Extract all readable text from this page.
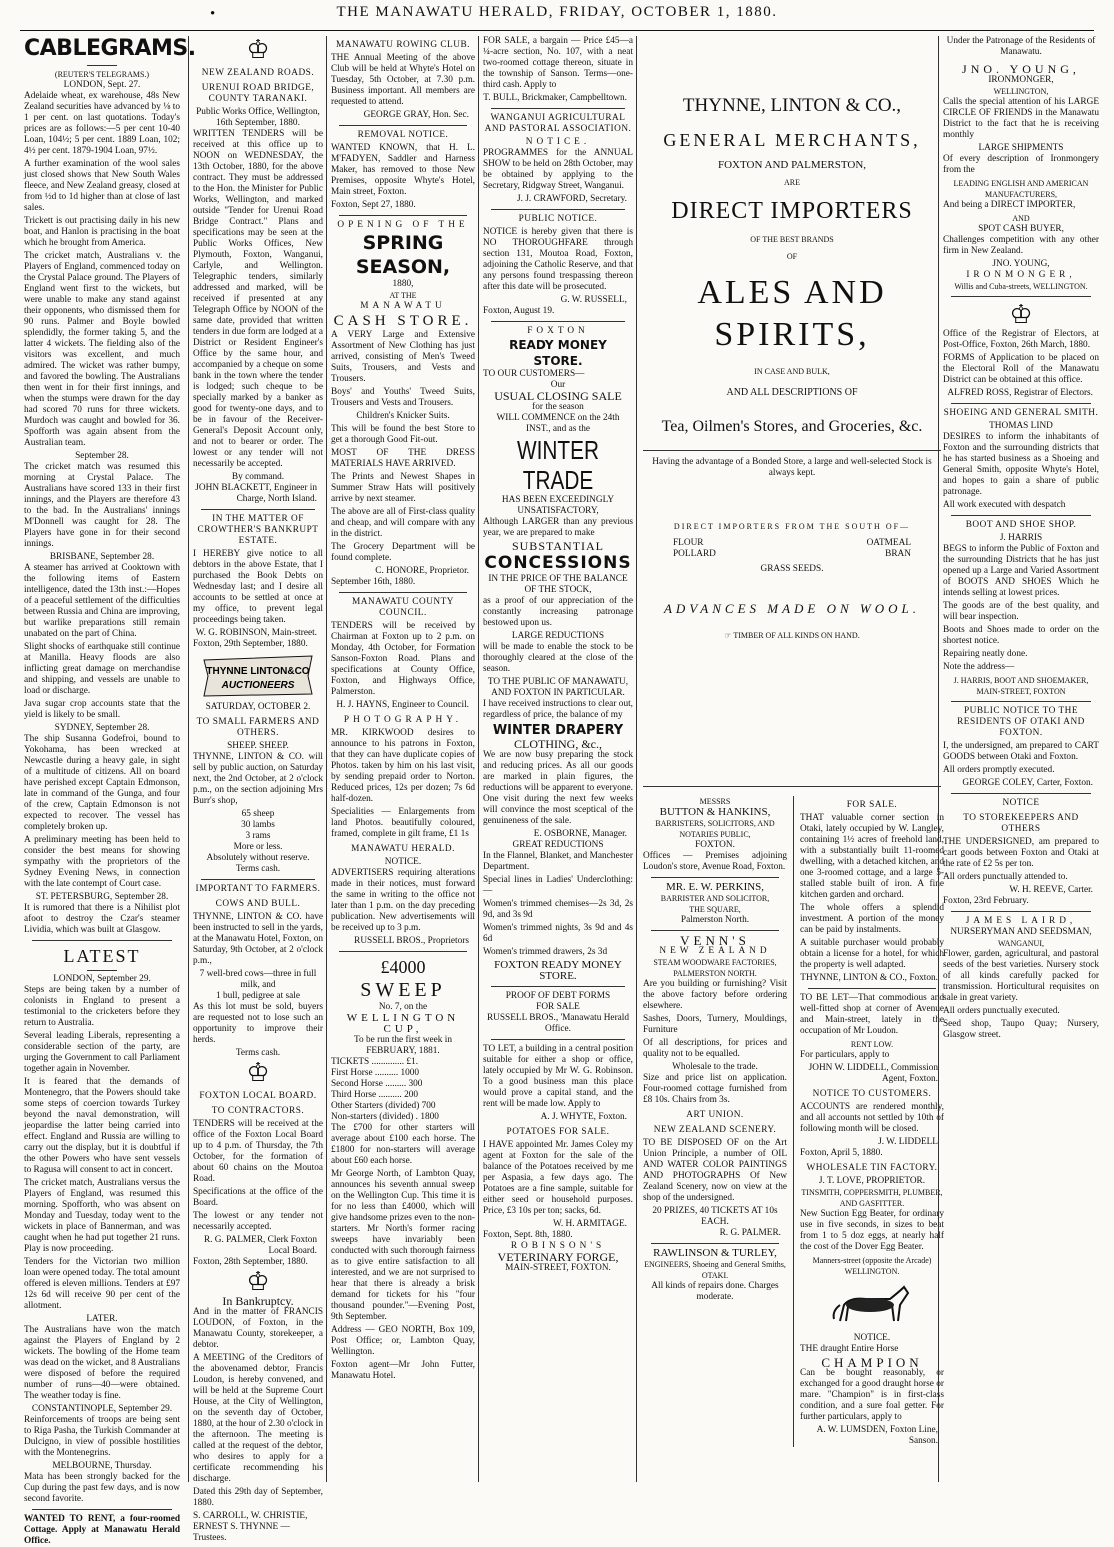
•	THE MANAWATU HERALD, FRIDAY, OCTOBER 1, 1880.
CABLEGRAMS.
(REUTER'S TELEGRAMS.)
LONDON, Sept. 27.

Adelaide wheat, ex warehouse, 48s New Zealand securities have advanced by ⅛ to 1 per cent. on last quotations. Today's prices are as follows:—5 per cent 10-40 Loan, 104½; 5 per cent. 1889 Loan, 102; 4½ per cent. 1879-1904 Loan, 97½.

A further examination of the wool sales just closed shows that New South Wales fleece, and New Zealand greasy, closed at from ½d to 1d higher than at close of last sales.

Trickett is out practising daily in his new boat, and Hanlon is practising in the boat which he brought from America.

The cricket match, Australians v. the Players of England, commenced today on the Crystal Palace ground. The Players of England went first to the wickets, but were unable to make any stand against their opponents, who dismissed them for 90 runs. Palmer and Boyle bowled splendidly, the former taking 5, and the latter 4 wickets. The fielding also of the visitors was excellent, and much admired. The wicket was rather bumpy, and favored the bowling. The Australians then went in for their first innings, and when the stumps were drawn for the day had scored 70 runs for three wickets. Murdoch was caught and bowled for 36. Spofforth was again absent from the Australian team.

September 28.

The cricket match was resumed this morning at Crystal Palace. The Australians have scored 133 in their first innings, and the Players are therefore 43 to the bad. In the Australians' innings M'Donnell was caught for 28. The Players have gone in for their second innings.

BRISBANE, September 28.

A steamer has arrived at Cooktown with the following items of Eastern intelligence, dated the 13th inst.:—Hopes of a peaceful settlement of the difficulties between Russia and China are improving, but warlike preparations still remain unabated on the part of China.

Slight shocks of earthquake still continue at Manilla. Heavy floods are also inflicting great damage on merchandise and shipping, and vessels are unable to load or discharge.

Java sugar crop accounts state that the yield is likely to be small.

SYDNEY, September 28.

The ship Susanna Godefroi, bound to Yokohama, has been wrecked at Newcastle during a heavy gale, in sight of a multitude of citizens. All on board have perished except Captain Edmonson, late in command of the Gunga, and four of the crew, Captain Edmonson is not expected to recover. The vessel has completely broken up.

A preliminary meeting has been held to consider the best means for showing sympathy with the proprietors of the Sydney Evening News, in connection with the late contempt of Court case.

ST. PETERSBURG, September 28.

It is rumored that there is a Nihilist plot afoot to destroy the Czar's steamer Lividia, which was built at Glasgow.

LATEST
LONDON, September 29.

Steps are being taken by a number of colonists in England to present a testimonial to the cricketers before they return to Australia.

Several leading Liberals, representing a considerable section of the party, are urging the Government to call Parliament together again in November.

It is feared that the demands of Montenegro, that the Powers should take some steps of coercion towards Turkey beyond the naval demonstration, will jeopardise the latter being carried into effect. England and Russia are willing to carry out the display, but it is doubtful if the other Powers who have sent vessels to Ragusa will consent to act in concert.

The cricket match, Australians versus the Players of England, was resumed this morning. Spofforth, who was absent on Monday and Tuesday, today went to the wickets in place of Bannerman, and was caught when he had put together 21 runs. Play is now proceeding.

Tenders for the Victorian two million loan were opened today. The total amount offered is eleven millions. Tenders at £97 12s 6d will receive 90 per cent of the allotment.

LATER.

The Australians have won the match against the Players of England by 2 wickets. The bowling of the Home team was dead on the wicket, and 8 Australians were disposed of before the required number of runs—40—were obtained. The weather today is fine.

CONSTANTINOPLE, September 29.

Reinforcements of troops are being sent to Riga Pasha, the Turkish Commander at Dulcigno, in view of possible hostilities with the Montenegrins.

MELBOURNE, Thursday.

Mata has been strongly backed for the Cup during the past few days, and is now second favorite.

WANTED TO RENT, a four-roomed Cottage. Apply at Manawatu Herald Office.

♔
NEW ZEALAND ROADS.
URENUI ROAD BRIDGE, COUNTY TARANAKI.
Public Works Office, Wellington, 16th September, 1880.

WRITTEN TENDERS will be received at this office up to NOON on WEDNESDAY, the 13th October, 1880, for the above contract. They must be addressed to the Hon. the Minister for Public Works, Wellington, and marked outside "Tender for Urenui Road Bridge Contract." Plans and specifications may be seen at the Public Works Offices, New Plymouth, Foxton, Wanganui, Carlyle, and Wellington. Telegraphic tenders, similarly addressed and marked, will be received if presented at any Telegraph Office by NOON of the same date, provided that written tenders in due form are lodged at a District or Resident Engineer's Office by the same hour, and accompanied by a cheque on some bank in the town where the tender is lodged; such cheque to be specially marked by a banker as good for twenty-one days, and to be in favour of the Receiver-General's Deposit Account only, and not to bearer or order. The lowest or any tender will not necessarily be accepted.

By command.
JOHN BLACKETT, Engineer in Charge, North Island.
IN THE MATTER OF CROWTHER'S BANKRUPT ESTATE.

I HEREBY give notice to all debtors in the above Estate, that I purchased the Book Debts on Wednesday last; and I desire all accounts to be settled at once at my office, to prevent legal proceedings being taken.

W. G. ROBINSON, Main-street.
Foxton, 29th September, 1880.
THYNNE LINTON&CO
AUCTIONEERS
SATURDAY, OCTOBER 2.
TO SMALL FARMERS AND OTHERS.
SHEEP. SHEEP.

THYNNE, LINTON & CO. will sell by public auction, on Saturday next, the 2nd October, at 2 o'clock p.m., on the section adjoining Mrs Burr's shop,

65 sheep
30 lambs
3 rams
More or less.
Absolutely without reserve.
Terms cash.
IMPORTANT TO FARMERS.
COWS AND BULL.

THYNNE, LINTON & CO. have been instructed to sell in the yards, at the Manawatu Hotel, Foxton, on Saturday, 9th October, at 2 o'clock p.m.,

7 well-bred cows—three in full milk, and
1 bull, pedigree at sale

As this lot must be sold, buyers are requested not to lose such an opportunity to improve their herds.

Terms cash.
♔
FOXTON LOCAL BOARD.
TO CONTRACTORS.

TENDERS will be received at the office of the Foxton Local Board up to 4 p.m. of Thursday, the 7th October, for the formation of about 60 chains on the Moutoa Road.

Specifications at the office of the Board.

The lowest or any tender not necessarily accepted.

R. G. PALMER, Clerk Foxton Local Board.
Foxton, 28th September, 1880.
♔
In Bankruptcy.

And in the matter of FRANCIS LOUDON, of Foxton, in the Manawatu County, storekeeper, a debtor.

A MEETING of the Creditors of the abovenamed debtor, Francis Loudon, is hereby convened, and will be held at the Supreme Court House, at the City of Wellington, on the seventh day of October, 1880, at the hour of 2.30 o'clock in the afternoon. The meeting is called at the request of the debtor, who desires to apply for a certificate recommending his discharge.

Dated this 29th day of September, 1880.

S. CARROLL, W. CHRISTIE, ERNEST S. THYNNE — Trustees.
MANAWATU ROWING CLUB.

THE Annual Meeting of the above Club will be held at Whyte's Hotel on Tuesday, 5th October, at 7.30 p.m. Business important. All members are requested to attend.

GEORGE GRAY, Hon. Sec.
REMOVAL NOTICE.

WANTED KNOWN, that H. L. M'FADYEN, Saddler and Harness Maker, has removed to those New Premises, opposite Whyte's Hotel, Main street, Foxton.

Foxton, Sept 27, 1880.
OPENING OF THE
SPRING SEASON,
1880,
AT THE
MANAWATU
CASH STORE.

A VERY Large and Extensive Assortment of New Clothing has just arrived, consisting of Men's Tweed Suits, Trousers, and Vests and Trousers.

Boys' and Youths' Tweed Suits, Trousers and Vests and Trousers.

Children's Knicker Suits.

This will be found the best Store to get a thorough Good Fit-out.

MOST OF THE DRESS MATERIALS HAVE ARRIVED.

The Prints and Newest Shapes in Summer Straw Hats will positively arrive by next steamer.

The above are all of First-class quality and cheap, and will compare with any in the district.

The Grocery Department will be found complete.

C. HONORE, Proprietor.
September 16th, 1880.
MANAWATU COUNTY COUNCIL.

TENDERS will be received by Chairman at Foxton up to 2 p.m. on Monday, 4th October, for Formation Sanson-Foxton Road. Plans and specifications at County Office, Foxton, and Highways Office, Palmerston.

H. J. HAYNS, Engineer to Council.
PHOTOGRAPHY.

MR. KIRKWOOD desires to announce to his patrons in Foxton, that they can have duplicate copies of Photos. taken by him on his last visit, by sending prepaid order to Norton. Reduced prices, 12s per dozen; 7s 6d half-dozen.

Specialities — Enlargements from land Photos. beautifully coloured, framed, complete in gilt frame, £1 1s

MANAWATU HERALD.
NOTICE.

ADVERTISERS requiring alterations made in their notices, must forward the same in writing to the office not later than 1 p.m. on the day preceding publication. New advertisements will be received up to 3 p.m.

RUSSELL BROS., Proprietors
£4000
SWEEP
No. 7, on the
WELLINGTON CUP,
To be run the first week in FEBRUARY, 1881.
TICKETS .............. £1.
First Horse .......... 1000
Second Horse ......... 300
Third Horse .......... 200
Other Starters (divided) 700
Non-starters (divided) . 1800

The £700 for other starters will average about £100 each horse. The £1800 for non-starters will average about £60 each horse.

Mr George North, of Lambton Quay, announces his seventh annual sweep on the Wellington Cup. This time it is for no less than £4000, which will give handsome prizes even to the non-starters. Mr North's former racing sweeps have invariably been conducted with such thorough fairness as to give entire satisfaction to all interested, and we are not surprised to hear that there is already a brisk demand for tickets for his "four thousand pounder."—Evening Post, 9th September.

Address — GEO NORTH, Box 109, Post Office; or, Lambton Quay, Wellington.

Foxton agent—Mr John Futter, Manawatu Hotel.

FOR SALE, a bargain — Price £45—a ¼-acre section, No. 107, with a neat two-roomed cottage thereon, situate in the township of Sanson. Terms—one-third cash. Apply to

T. BULL, Brickmaker, Campbelltown.
WANGANUI AGRICULTURAL AND PASTORAL ASSOCIATION.
NOTICE.

PROGRAMMES for the ANNUAL SHOW to be held on 28th October, may be obtained by applying to the Secretary, Ridgway Street, Wanganui.

J. J. CRAWFORD, Secretary.
PUBLIC NOTICE.

NOTICE is hereby given that there is NO THOROUGHFARE through section 131, Moutoa Road, Foxton, adjoining the Catholic Reserve, and that any persons found trespassing thereon after this date will be prosecuted.

G. W. RUSSELL,
Foxton, August 19.
FOXTON
READY MONEY STORE.
TO OUR CUSTOMERS—
Our
USUAL CLOSING SALE
for the season
WILL COMMENCE on the 24th INST., and as the
WINTER TRADE
HAS BEEN EXCEEDINGLY UNSATISFACTORY,

Although LARGER than any previous year, we are prepared to make

SUBSTANTIAL
CONCESSIONS
IN THE PRICE OF THE BALANCE OF THE STOCK,

as a proof of our appreciation of the constantly increasing patronage bestowed upon us.

LARGE REDUCTIONS

will be made to enable the stock to be thoroughly cleared at the close of the season.

TO THE PUBLIC OF MANAWATU, AND FOXTON IN PARTICULAR.

I have received instructions to clear out, regardless of price, the balance of my

WINTER DRAPERY
CLOTHING, &c.,

We are now busy preparing the stock and reducing prices. As all our goods are marked in plain figures, the reductions will be apparent to everyone. One visit during the next few weeks will convince the most sceptical of the genuineness of the sale.

E. OSBORNE, Manager.
GREAT REDUCTIONS

In the Flannel, Blanket, and Manchester Department.

Special lines in Ladies' Underclothing:—

Women's trimmed chemises—2s 3d, 2s 9d, and 3s 9d

Women's trimmed nights, 3s 9d and 4s 6d

Women's trimmed drawers, 2s 3d

FOXTON READY MONEY STORE.
PROOF OF DEBT FORMS
FOR SALE
RUSSELL BROS., 'Manawatu Herald Office.

TO LET, a building in a central position suitable for either a shop or office, lately occupied by Mr W. G. Robinson. To a good business man this place would prove a capital stand, and the rent will be made low. Apply to

A. J. WHYTE, Foxton.
POTATOES FOR SALE.

I HAVE appointed Mr. James Coley my agent at Foxton for the sale of the balance of the Potatoes received by me per Aspasia, a few days ago. The Potatoes are a fine sample, suitable for either seed or household purposes. Price, £3 10s per ton; sacks, 6d.

W. H. ARMITAGE.
Foxton, Sept. 8th, 1880.
ROBINSON'S
VETERINARY FORGE,
MAIN-STREET, FOXTON.
THYNNE, LINTON & CO.,
GENERAL MERCHANTS,
FOXTON AND PALMERSTON,
ARE
DIRECT IMPORTERS
OF THE BEST BRANDS
OF
ALES AND SPIRITS,
IN CASE AND BULK,
AND ALL DESCRIPTIONS OF
Tea, Oilmen's Stores, and Groceries, &c.

Having the advantage of a Bonded Store, a large and well-selected Stock is always kept.

DIRECT IMPORTERS FROM THE SOUTH OF—
FLOUR	OATMEAL
POLLARD	BRAN
GRASS SEEDS.
ADVANCES MADE ON WOOL.
☞ TIMBER OF ALL KINDS ON HAND.
MESSRS
BUTTON & HANKINS,
BARRISTERS, SOLICITORS, AND NOTARIES PUBLIC,
FOXTON.

Offices — Premises adjoining Loudon's store, Avenue Road, Foxton.

MR. E. W. PERKINS,
BARRISTER AND SOLICITOR,
THE SQUARE,
Palmerston North.
VENN'S
NEW ZEALAND
STEAM WOODWARE FACTORIES, PALMERSTON NORTH.

Are you building or furnishing? Visit the above factory before ordering elsewhere.

Sashes, Doors, Turnery, Mouldings, Furniture

Of all descriptions, for prices and quality not to be equalled.

Wholesale to the trade.

Size and price list on application. Four-roomed cottage furnished from £8 10s. Chairs from 3s.

ART UNION.
NEW ZEALAND SCENERY.

TO BE DISPOSED OF on the Art Union Principle, a number of OIL AND WATER COLOR PAINTINGS AND PHOTOGRAPHS Of New Zealand Scenery, now on view at the shop of the undersigned.

20 PRIZES, 40 TICKETS AT 10s EACH.
R. G. PALMER.
RAWLINSON & TURLEY,
ENGINEERS, Shoeing and General Smiths, OTAKI.
All kinds of repairs done. Charges moderate.
FOR SALE.

THAT valuable corner section in Otaki, lately occupied by W. Langley, containing 1½ acres of freehold land, with a substantially built 11-roomed dwelling, with a detached kitchen, and one 3-roomed cottage, and a large 5-stalled stable built of iron. A fine kitchen garden and orchard.

The whole offers a splendid investment. A portion of the money can be paid by instalments.

A suitable purchaser would probably obtain a license for a hotel, for which the property is well adapted.

THYNNE, LINTON & CO., Foxton.

TO BE LET—That commodious and well-fitted shop at corner of Avenue and Main-street, lately in the occupation of Mr Loudon.

RENT LOW.

For particulars, apply to

JOHN W. LIDDELL, Commission Agent, Foxton.
NOTICE TO CUSTOMERS.

ACCOUNTS are rendered monthly, and all accounts not settled by 10th of following month will be closed.

J. W. LIDDELL
Foxton, April 5, 1880.
WHOLESALE TIN FACTORY.
J. T. LOVE, PROPRIETOR.
TINSMITH, COPPERSMITH, PLUMBER, AND GASFITTER.

New Suction Egg Beater, for ordinary use in five seconds, in sizes to beat from 1 to 5 doz eggs, at nearly half the cost of the Dover Egg Beater.

Manners-street (opposite the Arcade) WELLINGTON.
NOTICE.

THE draught Entire Horse

CHAMPION

Can be bought reasonably, or exchanged for a good draught horse or mare. "Champion" is in first-class condition, and a sure foal getter. For further particulars, apply to

A. W. LUMSDEN, Foxton Line, Sanson.
Under the Patronage of the Residents of Manawatu.
JNO. YOUNG,
IRONMONGER,
WELLINGTON,

Calls the special attention of his LARGE CIRCLE OF FRIENDS in the Manawatu District to the fact that he is receiving monthly

LARGE SHIPMENTS

Of every description of Ironmongery from the

LEADING ENGLISH AND AMERICAN MANUFACTURERS,

And being a DIRECT IMPORTER,

AND
SPOT CASH BUYER,

Challenges competition with any other firm in New Zealand.

JNO. YOUNG,
IRONMONGER,
Willis and Cuba-streets, WELLINGTON.
♔

Office of the Registrar of Electors, at Post-Office, Foxton, 26th March, 1880.

FORMS of Application to be placed on the Electoral Roll of the Manawatu District can be obtained at this office.

ALFRED ROSS, Registrar of Electors.
SHOEING AND GENERAL SMITH.
THOMAS LIND

DESIRES to inform the inhabitants of Foxton and the surrounding districts that he has started business as a Shoeing and General Smith, opposite Whyte's Hotel, and hopes to gain a share of public patronage.

All work executed with despatch

BOOT AND SHOE SHOP.
J. HARRIS

BEGS to inform the Public of Foxton and the surrounding Districts that he has just opened up a Large and Varied Assortment of BOOTS AND SHOES Which he intends selling at lowest prices.

The goods are of the best quality, and will bear inspection.

Boots and Shoes made to order on the shortest notice.

Repairing neatly done.

Note the address—

J. HARRIS, BOOT AND SHOEMAKER, MAIN-STREET, FOXTON
PUBLIC NOTICE TO THE RESIDENTS OF OTAKI AND FOXTON.

I, the undersigned, am prepared to CART GOODS between Otaki and Foxton.

All orders promptly executed.

GEORGE COLEY, Carter, Foxton.
NOTICE
TO STOREKEEPERS AND OTHERS

THE UNDERSIGNED, am prepared to cart goods between Foxton and Otaki at the rate of £2 5s per ton.

All orders punctually attended to.

W. H. REEVE, Carter.
Foxton, 23rd February.
JAMES LAIRD,
NURSERYMAN AND SEEDSMAN,
WANGANUI,

Flower, garden, agricultural, and pastoral seeds of the best varieties. Nursery stock of all kinds carefully packed for transmission. Horticultural requisites on sale in great variety.

All orders punctually executed.

Seed shop, Taupo Quay; Nursery, Glasgow street.
